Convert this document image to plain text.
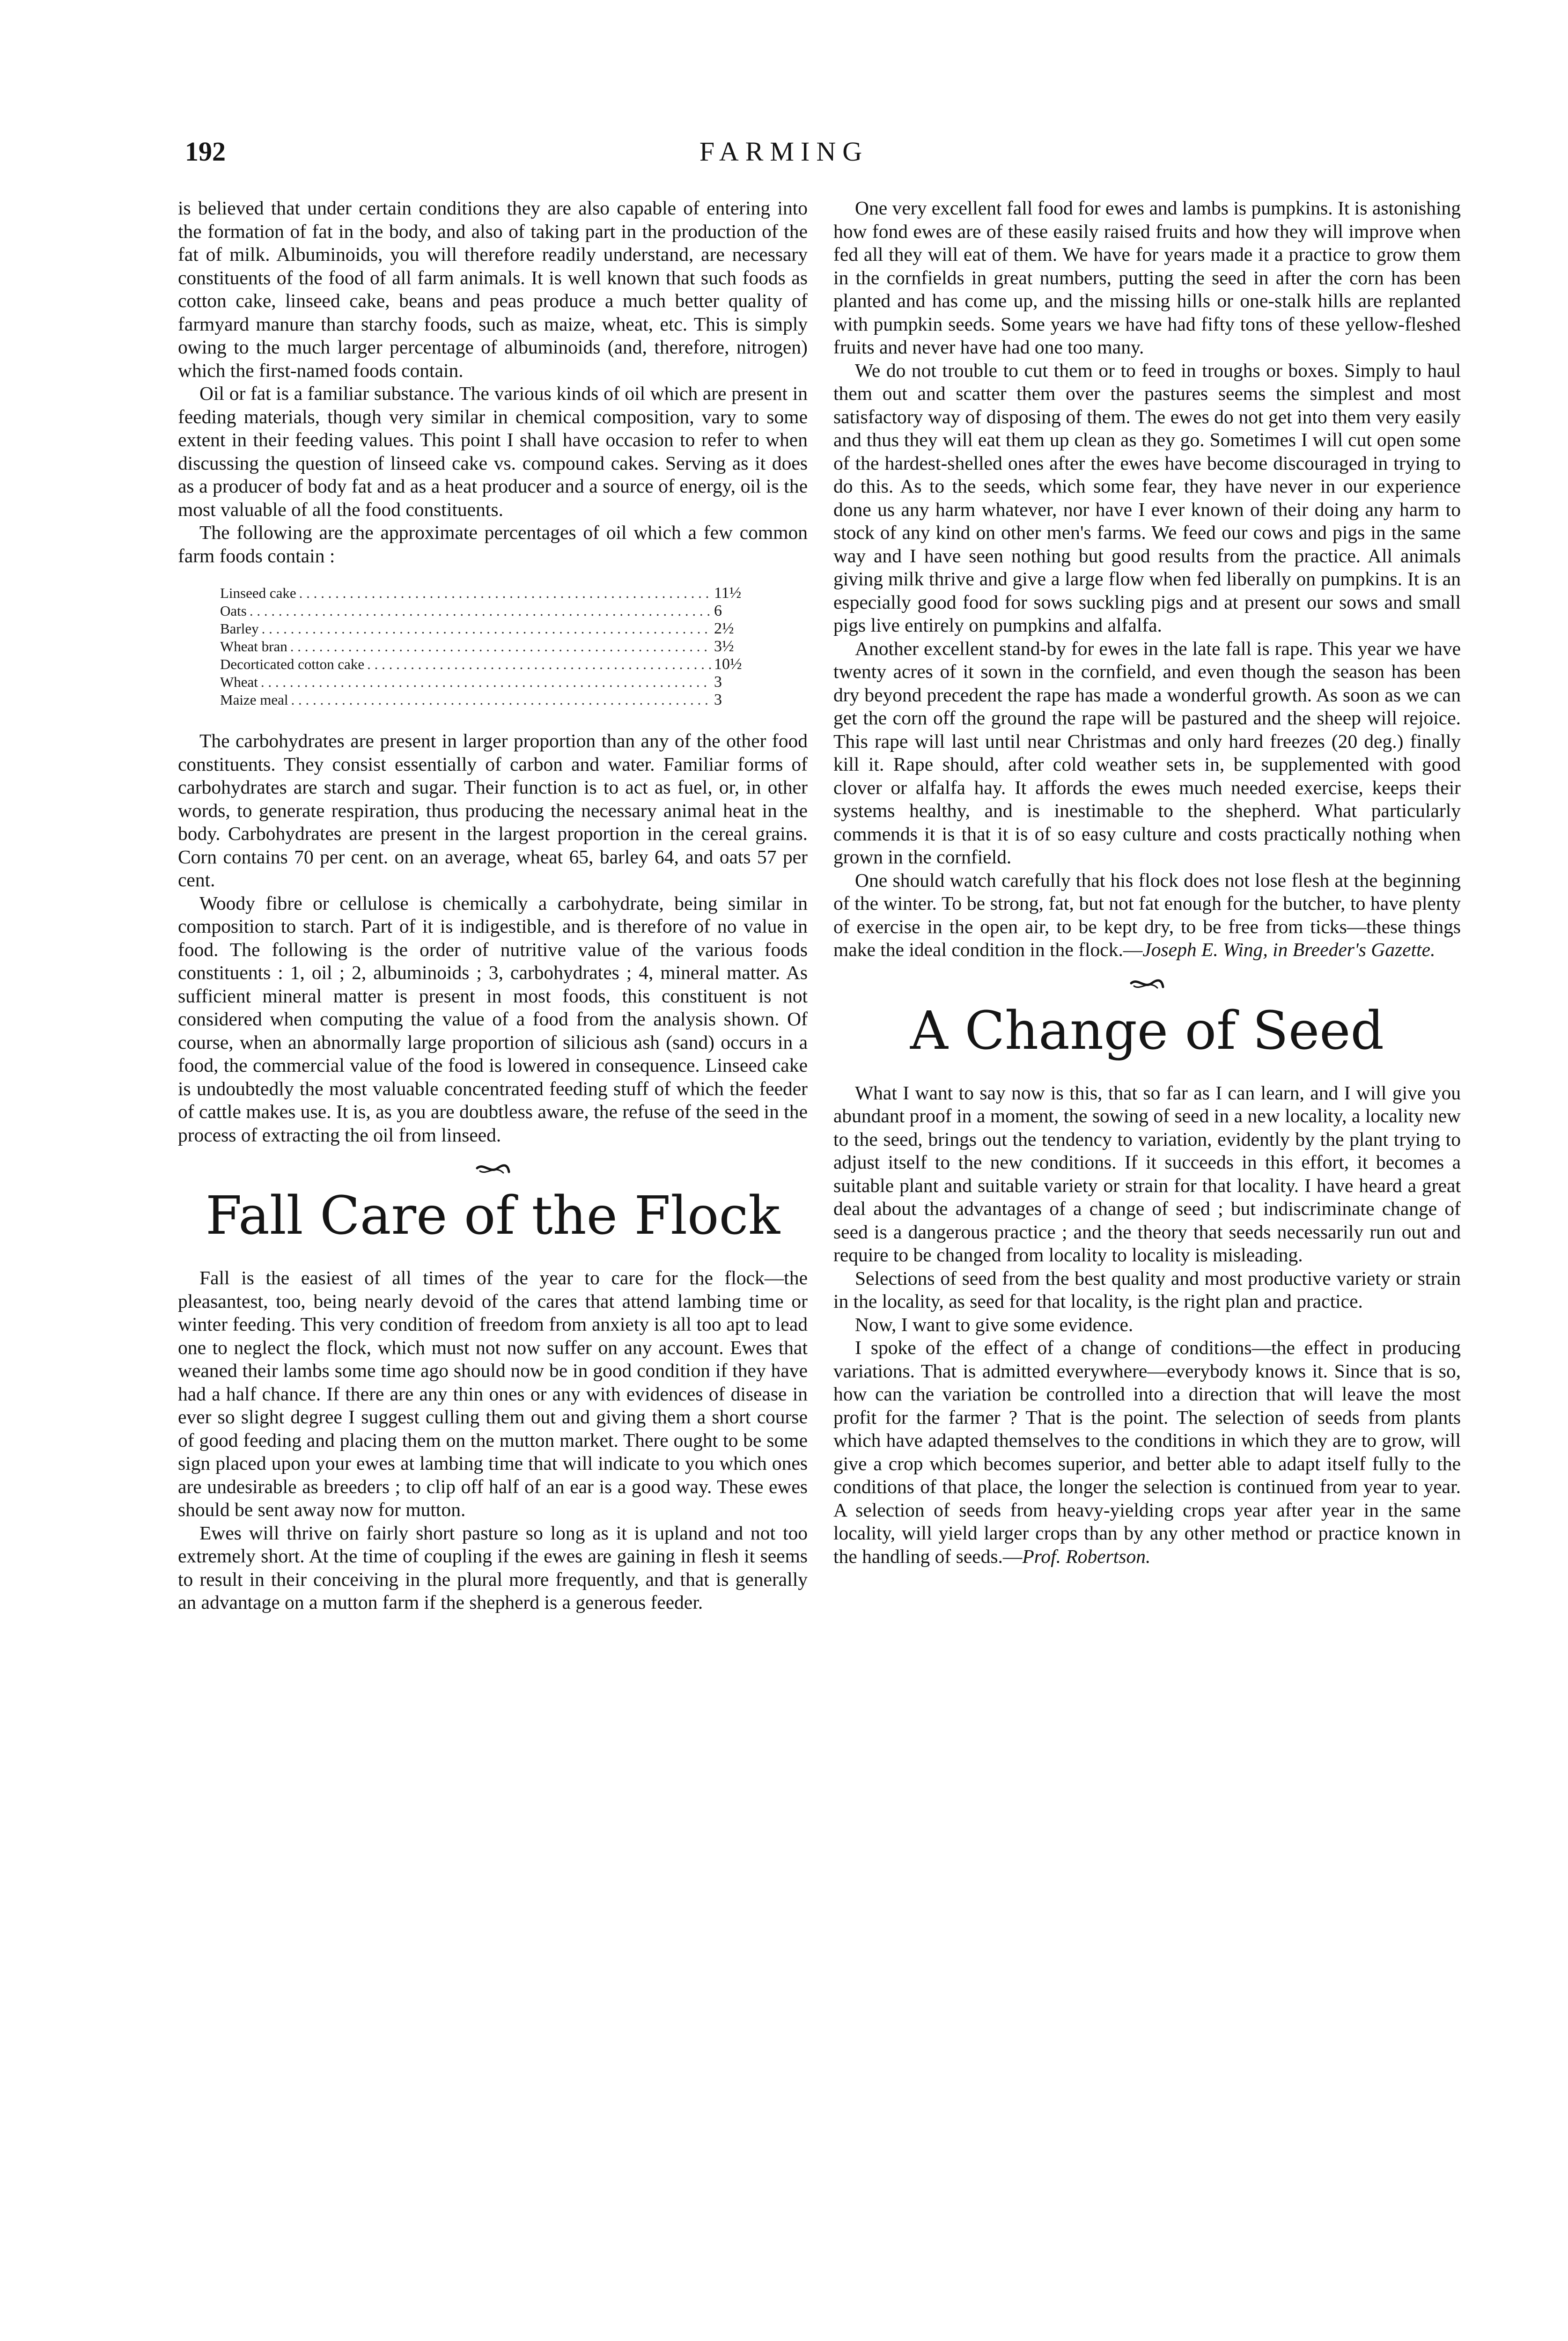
192	FARMING

is believed that under certain conditions they are also capable of entering into the formation of fat in the body, and also of taking part in the production of the fat of milk. Albuminoids, you will therefore readily understand, are necessary constituents of the food of all farm animals. It is well known that such foods as cotton cake, linseed cake, beans and peas produce a much better quality of farmyard manure than starchy foods, such as maize, wheat, etc. This is simply owing to the much larger percentage of albuminoids (and, therefore, nitrogen) which the first-named foods contain.

Oil or fat is a familiar substance. The various kinds of oil which are present in feeding materials, though very similar in chemical composition, vary to some extent in their feeding values. This point I shall have occasion to refer to when discussing the question of linseed cake vs. compound cakes. Serving as it does as a producer of body fat and as a heat producer and a source of energy, oil is the most valuable of all the food constituents.

The following are the approximate percentages of oil which a few common farm foods contain :

Linseed cake . . .	11½
Oats . . .	6
Barley . . .	2½
Wheat bran . . .	3½
Decorticated cotton cake . . .	10½
Wheat . . .	3
Maize meal . . .	3

The carbohydrates are present in larger proportion than any of the other food constituents. They consist essentially of carbon and water. Familiar forms of carbohydrates are starch and sugar. Their function is to act as fuel, or, in other words, to generate respiration, thus producing the necessary animal heat in the body. Carbohydrates are present in the largest proportion in the cereal grains. Corn contains 70 per cent. on an average, wheat 65, barley 64, and oats 57 per cent.

Woody fibre or cellulose is chemically a carbohydrate, being similar in composition to starch. Part of it is indigestible, and is therefore of no value in food. The following is the order of nutritive value of the various foods constituents : 1, oil ; 2, albuminoids ; 3, carbohydrates ; 4, mineral matter. As sufficient mineral matter is present in most foods, this constituent is not considered when computing the value of a food from the analysis shown. Of course, when an abnormally large proportion of silicious ash (sand) occurs in a food, the commercial value of the food is lowered in consequence. Linseed cake is undoubtedly the most valuable concentrated feeding stuff of which the feeder of cattle makes use. It is, as you are doubtless aware, the refuse of the seed in the process of extracting the oil from linseed.

Fall Care of the Flock

Fall is the easiest of all times of the year to care for the flock—the pleasantest, too, being nearly devoid of the cares that attend lambing time or winter feeding. This very condition of freedom from anxiety is all too apt to lead one to neglect the flock, which must not now suffer on any account. Ewes that weaned their lambs some time ago should now be in good condition if they have had a half chance. If there are any thin ones or any with evidences of disease in ever so slight degree I suggest culling them out and giving them a short course of good feeding and placing them on the mutton market. There ought to be some sign placed upon your ewes at lambing time that will indicate to you which ones are undesirable as breeders ; to clip off half of an ear is a good way. These ewes should be sent away now for mutton.

Ewes will thrive on fairly short pasture so long as it is upland and not too extremely short. At the time of coupling if the ewes are gaining in flesh it seems to result in their conceiving in the plural more frequently, and that is generally an advantage on a mutton farm if the shepherd is a generous feeder.

One very excellent fall food for ewes and lambs is pumpkins. It is astonishing how fond ewes are of these easily raised fruits and how they will improve when fed all they will eat of them. We have for years made it a practice to grow them in the cornfields in great numbers, putting the seed in after the corn has been planted and has come up, and the missing hills or one-stalk hills are replanted with pumpkin seeds. Some years we have had fifty tons of these yellow-fleshed fruits and never have had one too many.

We do not trouble to cut them or to feed in troughs or boxes. Simply to haul them out and scatter them over the pastures seems the simplest and most satisfactory way of disposing of them. The ewes do not get into them very easily and thus they will eat them up clean as they go. Sometimes I will cut open some of the hardest-shelled ones after the ewes have become discouraged in trying to do this. As to the seeds, which some fear, they have never in our experience done us any harm whatever, nor have I ever known of their doing any harm to stock of any kind on other men's farms. We feed our cows and pigs in the same way and I have seen nothing but good results from the practice. All animals giving milk thrive and give a large flow when fed liberally on pumpkins. It is an especially good food for sows suckling pigs and at present our sows and small pigs live entirely on pumpkins and alfalfa.

Another excellent stand-by for ewes in the late fall is rape. This year we have twenty acres of it sown in the cornfield, and even though the season has been dry beyond precedent the rape has made a wonderful growth. As soon as we can get the corn off the ground the rape will be pastured and the sheep will rejoice. This rape will last until near Christmas and only hard freezes (20 deg.) finally kill it. Rape should, after cold weather sets in, be supplemented with good clover or alfalfa hay. It affords the ewes much needed exercise, keeps their systems healthy, and is inestimable to the shepherd. What particularly commends it is that it is of so easy culture and costs practically nothing when grown in the cornfield.

One should watch carefully that his flock does not lose flesh at the beginning of the winter. To be strong, fat, but not fat enough for the butcher, to have plenty of exercise in the open air, to be kept dry, to be free from ticks—these things make the ideal condition in the flock.—Joseph E. Wing, in Breeder's Gazette.

A Change of Seed

What I want to say now is this, that so far as I can learn, and I will give you abundant proof in a moment, the sowing of seed in a new locality, a locality new to the seed, brings out the tendency to variation, evidently by the plant trying to adjust itself to the new conditions. If it succeeds in this effort, it becomes a suitable plant and suitable variety or strain for that locality. I have heard a great deal about the advantages of a change of seed ; but indiscriminate change of seed is a dangerous practice ; and the theory that seeds necessarily run out and require to be changed from locality to locality is misleading.

Selections of seed from the best quality and most productive variety or strain in the locality, as seed for that locality, is the right plan and practice.

Now, I want to give some evidence.

I spoke of the effect of a change of conditions—the effect in producing variations. That is admitted everywhere—everybody knows it. Since that is so, how can the variation be controlled into a direction that will leave the most profit for the farmer ? That is the point. The selection of seeds from plants which have adapted themselves to the conditions in which they are to grow, will give a crop which becomes superior, and better able to adapt itself fully to the conditions of that place, the longer the selection is continued from year to year. A selection of seeds from heavy-yielding crops year after year in the same locality, will yield larger crops than by any other method or practice known in the handling of seeds.—Prof. Robertson.
